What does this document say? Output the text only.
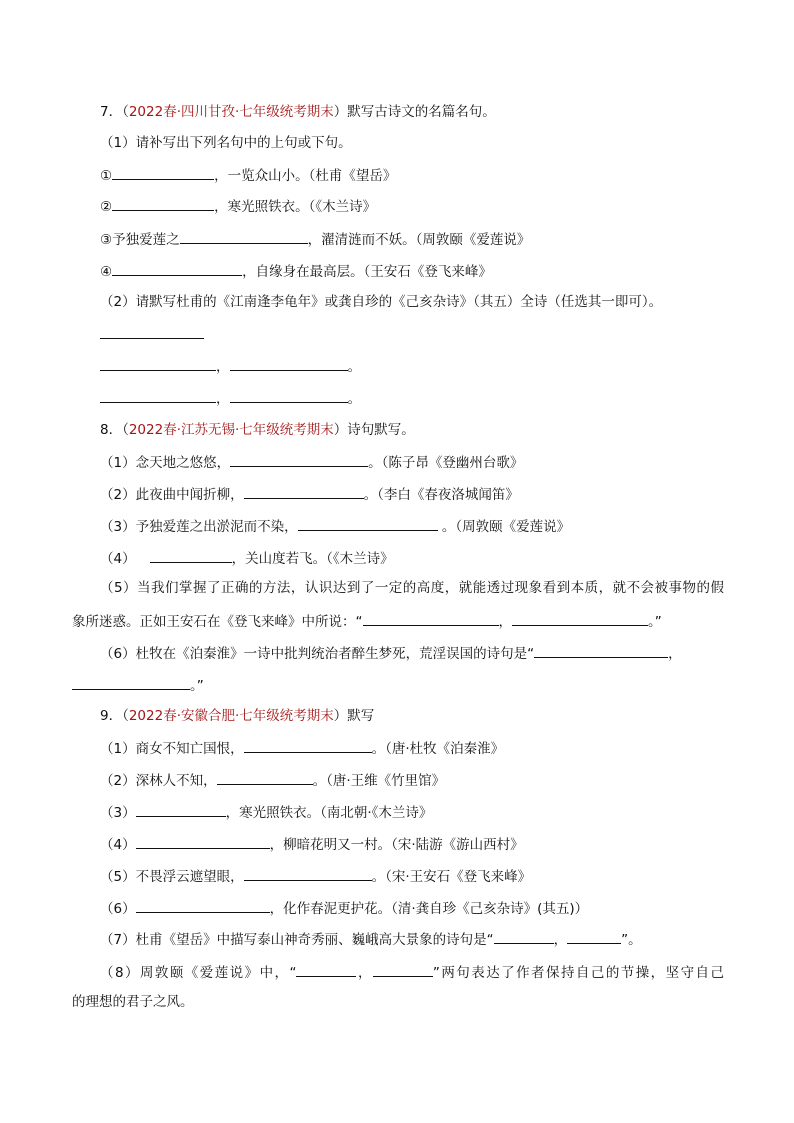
7．（2022春·四川甘孜·七年级统考期末）默写古诗文的名篇名句。
（1）请补写出下列名句中的上句或下句。
①	，一览众山小。（杜甫《望岳》
②	，寒光照铁衣。（《木兰诗》
③予独爱莲之	，濯清涟而不妖。（周敦颐《爱莲说》
④	，自缘身在最高层。（王安石《登飞来峰》
（2）请默写杜甫的《江南逢李龟年》或龚自珍的《己亥杂诗》（其五）全诗（任选其一即可）。
，	。
，	。
8．（2022春·江苏无锡·七年级统考期末）诗句默写。
（1）念天地之悠悠，	。（陈子昂《登幽州台歌》
（2）此夜曲中闻折柳，	。（李白《春夜洛城闻笛》
（3）予独爱莲之出淤泥而不染，	。（周敦颐《爱莲说》
（4）	，关山度若飞。（《木兰诗》
（5）当我们掌握了正确的方法，认识达到了一定的高度，就能透过现象看到本质，就不会被事物的假
象所迷惑。正如王安石在《登飞来峰》中所说：“	，	。”
（6）杜牧在《泊秦淮》一诗中批判统治者醉生梦死，荒淫误国的诗句是“	，
。”
9．（2022春·安徽合肥·七年级统考期末）默写
（1）商女不知亡国恨，	。（唐·杜牧《泊秦淮》
（2）深林人不知，	。（唐·王维《竹里馆》
（3）	，寒光照铁衣。（南北朝·《木兰诗》
（4）	，柳暗花明又一村。（宋·陆游《游山西村》
（5）不畏浮云遮望眼，	。（宋·王安石《登飞来峰》
（6）	，化作春泥更护花。（清·龚自珍《己亥杂诗》(其五)）
（7）杜甫《望岳》中描写泰山神奇秀丽、巍峨高大景象的诗句是“	，	”。
（8）周敦颐《爱莲说》中，“	，	”两句表达了作者保持自己的节操，坚守自己
的理想的君子之风。
